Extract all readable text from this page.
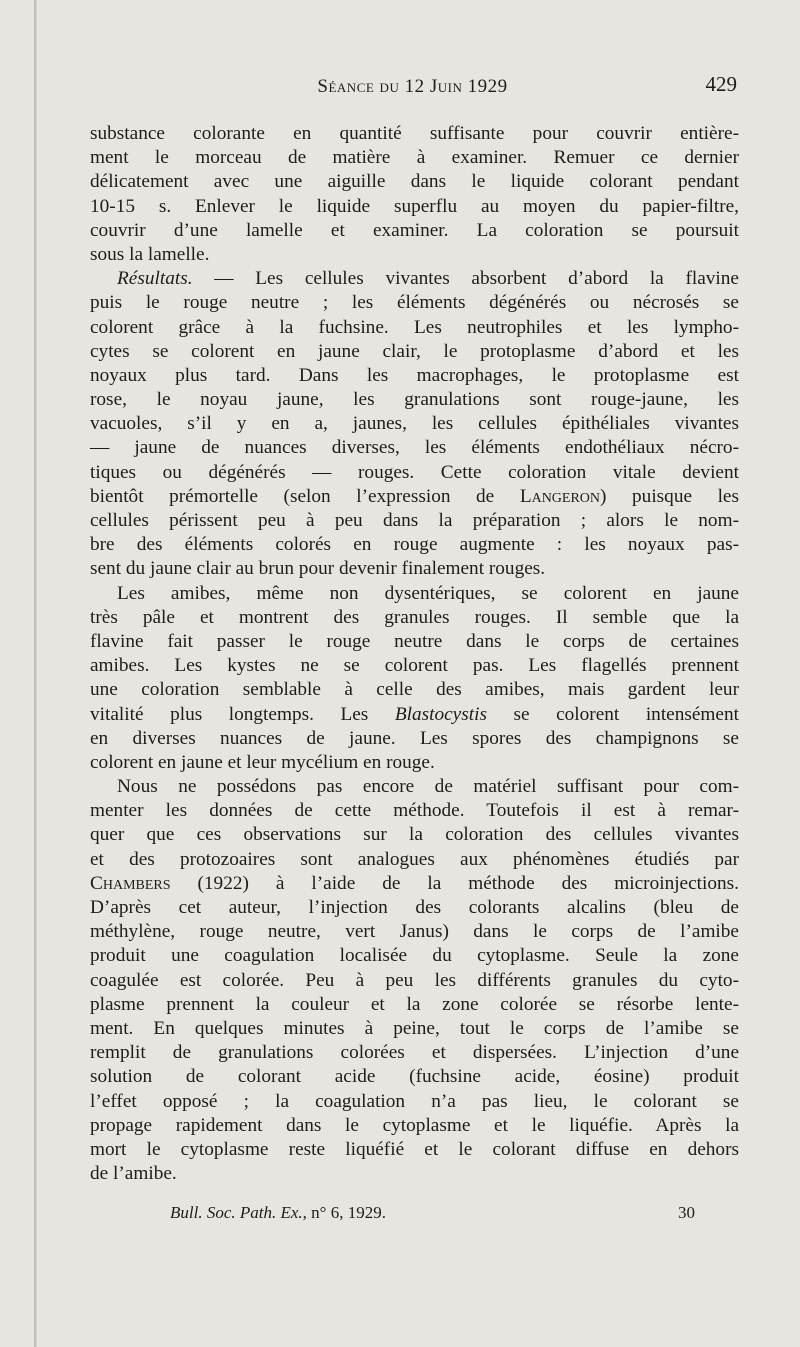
Séance du 12 Juin 1929	429
substance colorante en quantité suffisante pour couvrir entière-
ment le morceau de matière à examiner. Remuer ce dernier
délicatement avec une aiguille dans le liquide colorant pendant
10-15 s. Enlever le liquide superflu au moyen du papier-filtre,
couvrir d’une lamelle et examiner. La coloration se poursuit
sous la lamelle.
Résultats. — Les cellules vivantes absorbent d’abord la flavine
puis le rouge neutre ; les éléments dégénérés ou nécrosés se
colorent grâce à la fuchsine. Les neutrophiles et les lympho-
cytes se colorent en jaune clair, le protoplasme d’abord et les
noyaux plus tard. Dans les macrophages, le protoplasme est
rose, le noyau jaune, les granulations sont rouge-jaune, les
vacuoles, s’il y en a, jaunes, les cellules épithéliales vivantes
— jaune de nuances diverses, les éléments endothéliaux nécro-
tiques ou dégénérés — rouges. Cette coloration vitale devient
bientôt prémortelle (selon l’expression de Langeron) puisque les
cellules périssent peu à peu dans la préparation ; alors le nom-
bre des éléments colorés en rouge augmente : les noyaux pas-
sent du jaune clair au brun pour devenir finalement rouges.
Les amibes, même non dysentériques, se colorent en jaune
très pâle et montrent des granules rouges. Il semble que la
flavine fait passer le rouge neutre dans le corps de certaines
amibes. Les kystes ne se colorent pas. Les flagellés prennent
une coloration semblable à celle des amibes, mais gardent leur
vitalité plus longtemps. Les Blastocystis se colorent intensément
en diverses nuances de jaune. Les spores des champignons se
colorent en jaune et leur mycélium en rouge.
Nous ne possédons pas encore de matériel suffisant pour com-
menter les données de cette méthode. Toutefois il est à remar-
quer que ces observations sur la coloration des cellules vivantes
et des protozoaires sont analogues aux phénomènes étudiés par
Chambers (1922) à l’aide de la méthode des microinjections.
D’après cet auteur, l’injection des colorants alcalins (bleu de
méthylène, rouge neutre, vert Janus) dans le corps de l’amibe
produit une coagulation localisée du cytoplasme. Seule la zone
coagulée est colorée. Peu à peu les différents granules du cyto-
plasme prennent la couleur et la zone colorée se résorbe lente-
ment. En quelques minutes à peine, tout le corps de l’amibe se
remplit de granulations colorées et dispersées. L’injection d’une
solution de colorant acide (fuchsine acide, éosine) produit
l’effet opposé ; la coagulation n’a pas lieu, le colorant se
propage rapidement dans le cytoplasme et le liquéfie. Après la
mort le cytoplasme reste liquéfié et le colorant diffuse en dehors
de l’amibe.
Bull. Soc. Path. Ex., n° 6, 1929.	30
